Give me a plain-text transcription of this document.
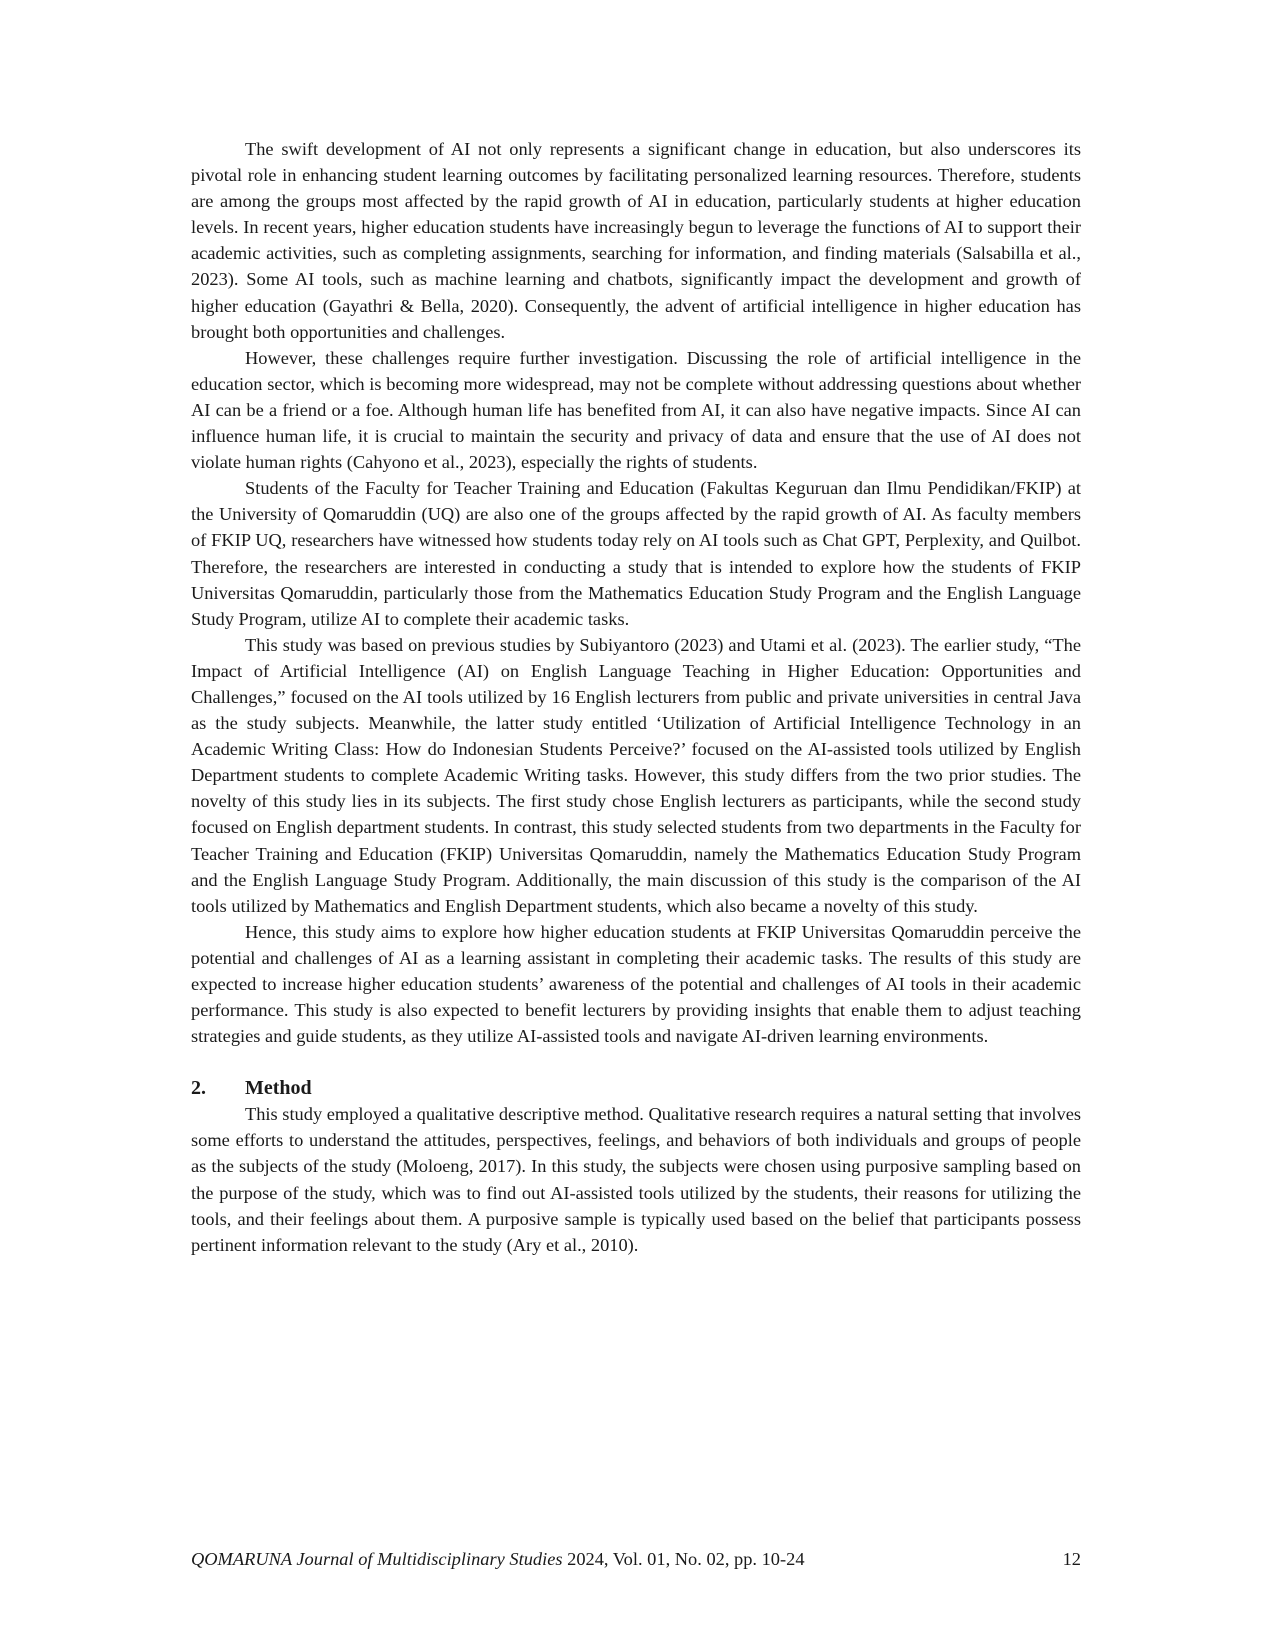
The swift development of AI not only represents a significant change in education, but also underscores its pivotal role in enhancing student learning outcomes by facilitating personalized learning resources. Therefore, students are among the groups most affected by the rapid growth of AI in education, particularly students at higher education levels. In recent years, higher education students have increasingly begun to leverage the functions of AI to support their academic activities, such as completing assignments, searching for information, and finding materials (Salsabilla et al., 2023). Some AI tools, such as machine learning and chatbots, significantly impact the development and growth of higher education (Gayathri & Bella, 2020). Consequently, the advent of artificial intelligence in higher education has brought both opportunities and challenges.

However, these challenges require further investigation. Discussing the role of artificial intelligence in the education sector, which is becoming more widespread, may not be complete without addressing questions about whether AI can be a friend or a foe. Although human life has benefited from AI, it can also have negative impacts. Since AI can influence human life, it is crucial to maintain the security and privacy of data and ensure that the use of AI does not violate human rights (Cahyono et al., 2023), especially the rights of students.

Students of the Faculty for Teacher Training and Education (Fakultas Keguruan dan Ilmu Pendidikan/FKIP) at the University of Qomaruddin (UQ) are also one of the groups affected by the rapid growth of AI. As faculty members of FKIP UQ, researchers have witnessed how students today rely on AI tools such as Chat GPT, Perplexity, and Quilbot. Therefore, the researchers are interested in conducting a study that is intended to explore how the students of FKIP Universitas Qomaruddin, particularly those from the Mathematics Education Study Program and the English Language Study Program, utilize AI to complete their academic tasks.

This study was based on previous studies by Subiyantoro (2023) and Utami et al. (2023). The earlier study, “The Impact of Artificial Intelligence (AI) on English Language Teaching in Higher Education: Opportunities and Challenges,” focused on the AI tools utilized by 16 English lecturers from public and private universities in central Java as the study subjects. Meanwhile, the latter study entitled ‘Utilization of Artificial Intelligence Technology in an Academic Writing Class: How do Indonesian Students Perceive?’ focused on the AI-assisted tools utilized by English Department students to complete Academic Writing tasks. However, this study differs from the two prior studies. The novelty of this study lies in its subjects. The first study chose English lecturers as participants, while the second study focused on English department students. In contrast, this study selected students from two departments in the Faculty for Teacher Training and Education (FKIP) Universitas Qomaruddin, namely the Mathematics Education Study Program and the English Language Study Program. Additionally, the main discussion of this study is the comparison of the AI tools utilized by Mathematics and English Department students, which also became a novelty of this study.

Hence, this study aims to explore how higher education students at FKIP Universitas Qomaruddin perceive the potential and challenges of AI as a learning assistant in completing their academic tasks. The results of this study are expected to increase higher education students’ awareness of the potential and challenges of AI tools in their academic performance. This study is also expected to benefit lecturers by providing insights that enable them to adjust teaching strategies and guide students, as they utilize AI-assisted tools and navigate AI-driven learning environments.

2.	Method

This study employed a qualitative descriptive method. Qualitative research requires a natural setting that involves some efforts to understand the attitudes, perspectives, feelings, and behaviors of both individuals and groups of people as the subjects of the study (Moloeng, 2017). In this study, the subjects were chosen using purposive sampling based on the purpose of the study, which was to find out AI-assisted tools utilized by the students, their reasons for utilizing the tools, and their feelings about them. A purposive sample is typically used based on the belief that participants possess pertinent information relevant to the study (Ary et al., 2010).

QOMARUNA Journal of Multidisciplinary Studies 2024, Vol. 01, No. 02, pp. 10-24	12
